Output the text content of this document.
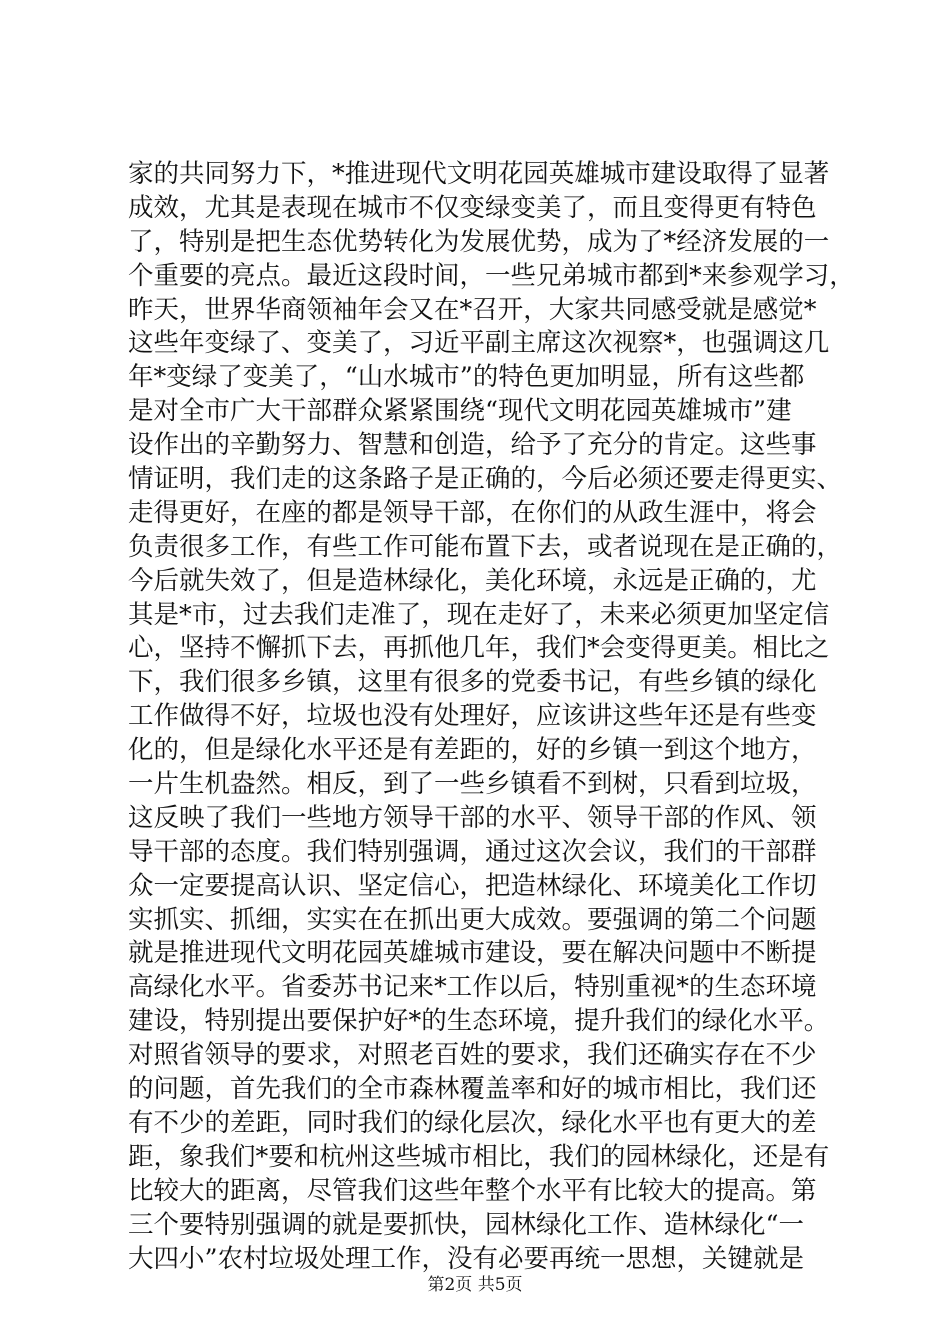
家的共同努力下，*推进现代文明花园英雄城市建设取得了显著
成效，尤其是表现在城市不仅变绿变美了，而且变得更有特色
了，特别是把生态优势转化为发展优势，成为了*经济发展的一
个重要的亮点。最近这段时间，一些兄弟城市都到*来参观学习，
昨天，世界华商领袖年会又在*召开，大家共同感受就是感觉*
这些年变绿了、变美了，习近平副主席这次视察*，也强调这几
年*变绿了变美了，“山水城市”的特色更加明显，所有这些都
是对全市广大干部群众紧紧围绕“现代文明花园英雄城市”建
设作出的辛勤努力、智慧和创造，给予了充分的肯定。这些事
情证明，我们走的这条路子是正确的，今后必须还要走得更实、
走得更好，在座的都是领导干部，在你们的从政生涯中，将会
负责很多工作，有些工作可能布置下去，或者说现在是正确的，
今后就失效了，但是造林绿化，美化环境，永远是正确的，尤
其是*市，过去我们走准了，现在走好了，未来必须更加坚定信
心，坚持不懈抓下去，再抓他几年，我们*会变得更美。相比之
下，我们很多乡镇，这里有很多的党委书记，有些乡镇的绿化
工作做得不好，垃圾也没有处理好，应该讲这些年还是有些变
化的，但是绿化水平还是有差距的，好的乡镇一到这个地方，
一片生机盎然。相反，到了一些乡镇看不到树，只看到垃圾，
这反映了我们一些地方领导干部的水平、领导干部的作风、领
导干部的态度。我们特别强调，通过这次会议，我们的干部群
众一定要提高认识、坚定信心，把造林绿化、环境美化工作切
实抓实、抓细，实实在在抓出更大成效。要强调的第二个问题
就是推进现代文明花园英雄城市建设，要在解决问题中不断提
高绿化水平。省委苏书记来*工作以后，特别重视*的生态环境
建设，特别提出要保护好*的生态环境，提升我们的绿化水平。
对照省领导的要求，对照老百姓的要求，我们还确实存在不少
的问题，首先我们的全市森林覆盖率和好的城市相比，我们还
有不少的差距，同时我们的绿化层次，绿化水平也有更大的差
距，象我们*要和杭州这些城市相比，我们的园林绿化，还是有
比较大的距离，尽管我们这些年整个水平有比较大的提高。第
三个要特别强调的就是要抓快，园林绿化工作、造林绿化“一
大四小”农村垃圾处理工作，没有必要再统一思想，关键就是
第2页 共5页
